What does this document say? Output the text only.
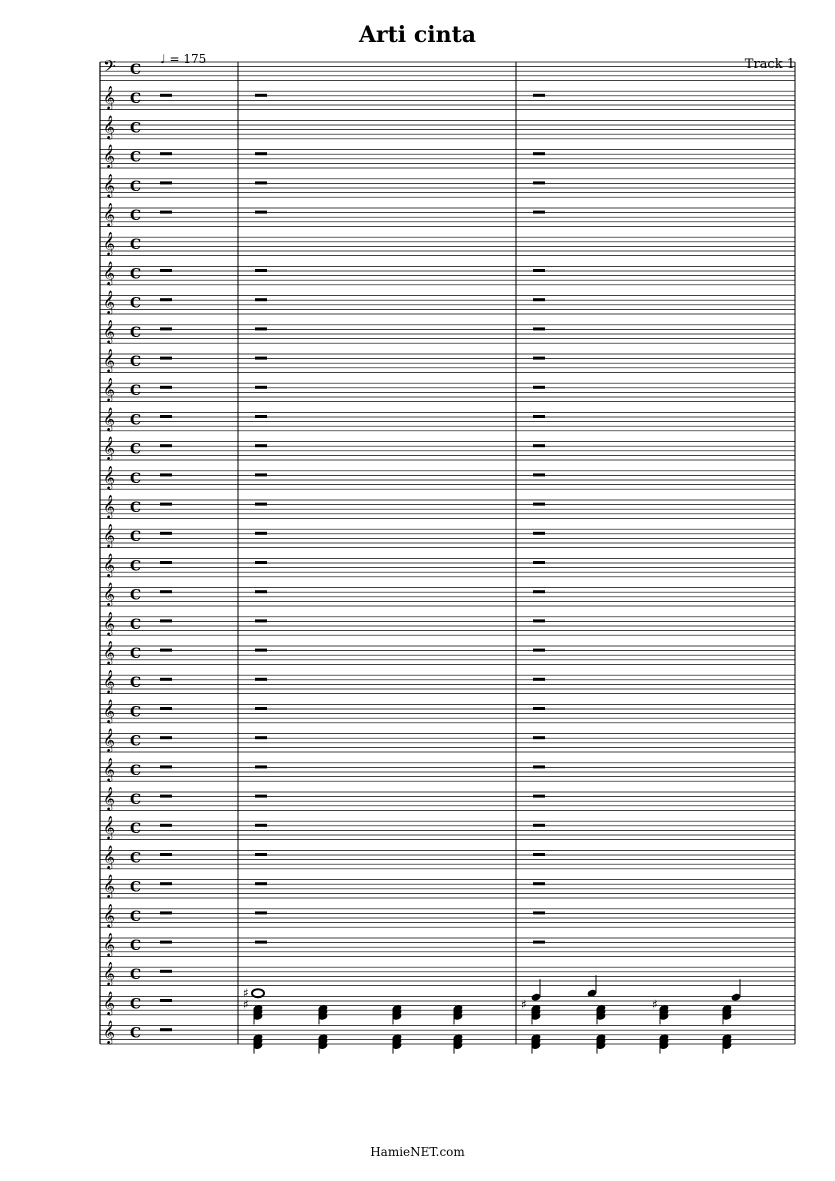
Arti cinta
♩ = 175	Track 1
𝄢 C
𝄞 C
𝄞 C
𝄞 C
𝄞 C
𝄞 C
𝄞 C
𝄞 C
𝄞 C
𝄞 C
𝄞 C
𝄞 C
𝄞 C
𝄞 C
𝄞 C
𝄞 C
𝄞 C
𝄞 C
𝄞 C
𝄞 C
𝄞 C
𝄞 C
𝄞 C
𝄞 C
𝄞 C
𝄞 C
𝄞 C
𝄞 C
𝄞 C
𝄞 C
𝄞 C
𝄞 C
𝄞 C
𝄞 C
♯
♯	♯	♯
HamieNET.com
